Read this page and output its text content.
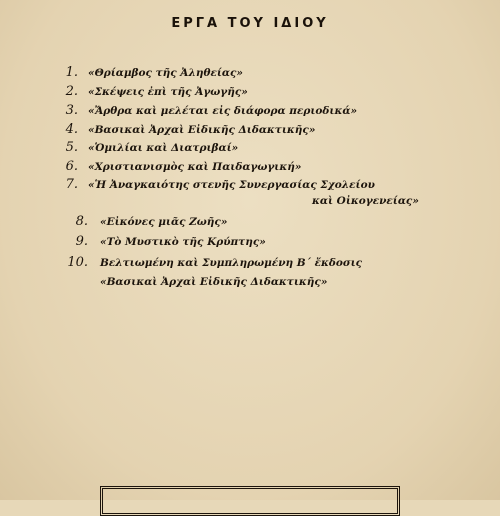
ΕΡΓΑ ΤΟΥ ΙΔΙΟΥ
1. «Θρίαμβος τῆς Ἀληθείας»
2. «Σκέψεις ἐπὶ τῆς Ἀγωγῆς»
3. «Ἄρθρα καὶ μελέται εἰς διάφορα περιοδικά»
4. «Βασικαὶ Ἀρχαὶ Εἰδικῆς Διδακτικῆς»
5. «Ὁμιλίαι καὶ Διατριβαί»
6. «Χριστιανισμὸς καὶ Παιδαγωγική»
7. «Ἡ Ἀναγκαιότης στενῆς Συνεργασίας Σχολείου
καὶ Οἰκογενείας»
8. «Εἰκόνες μιᾶς Ζωῆς»
9. «Τὸ Μυστικὸ τῆς Κρύπτης»
10. Βελτιωμένη καὶ Συμπληρωμένη Β΄ ἔκδοσις
«Βασικαὶ Ἀρχαὶ Εἰδικῆς Διδακτικῆς»
